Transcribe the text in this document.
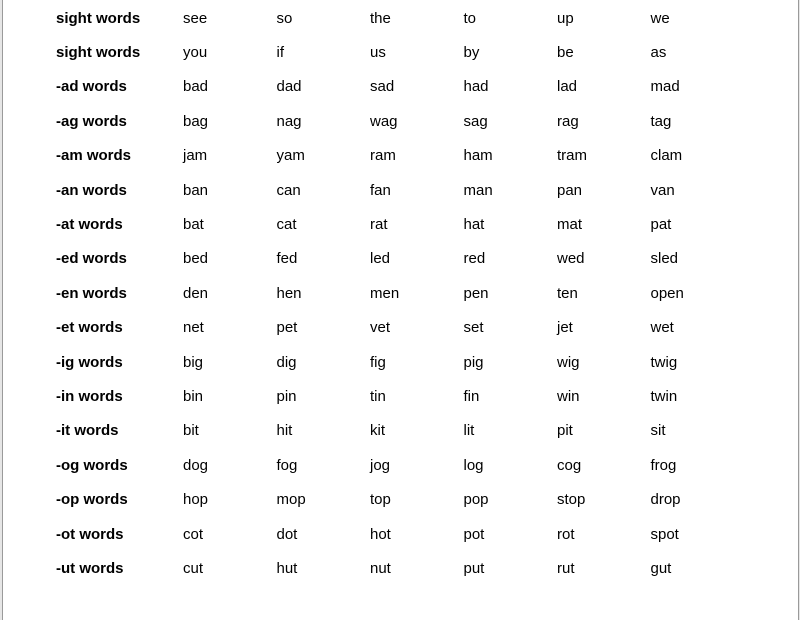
sight words	see	so	the	to	up	we
sight words	you	if	us	by	be	as
-ad words	bad	dad	sad	had	lad	mad
-ag words	bag	nag	wag	sag	rag	tag
-am words	jam	yam	ram	ham	tram	clam
-an words	ban	can	fan	man	pan	van
-at words	bat	cat	rat	hat	mat	pat
-ed words	bed	fed	led	red	wed	sled
-en words	den	hen	men	pen	ten	open
-et words	net	pet	vet	set	jet	wet
-ig words	big	dig	fig	pig	wig	twig
-in words	bin	pin	tin	fin	win	twin
-it words	bit	hit	kit	lit	pit	sit
-og words	dog	fog	jog	log	cog	frog
-op words	hop	mop	top	pop	stop	drop
-ot words	cot	dot	hot	pot	rot	spot
-ut words	cut	hut	nut	put	rut	gut
